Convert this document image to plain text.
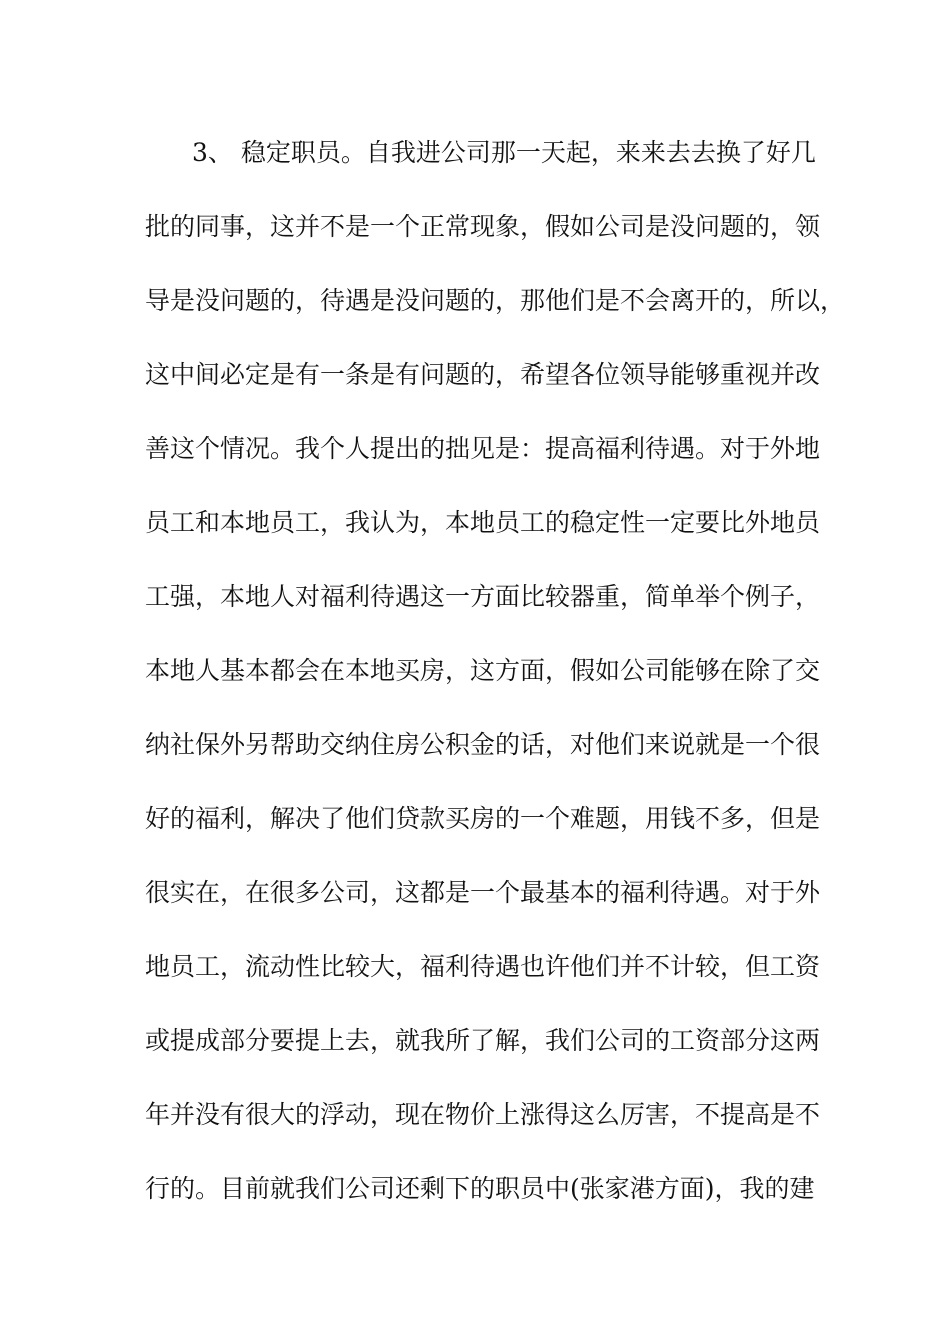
3、 稳定职员。自我进公司那一天起，来来去去换了好几
批的同事，这并不是一个正常现象，假如公司是没问题的，领
导是没问题的，待遇是没问题的，那他们是不会离开的，所以，
这中间必定是有一条是有问题的，希望各位领导能够重视并改
善这个情况。我个人提出的拙见是：提高福利待遇。对于外地
员工和本地员工，我认为，本地员工的稳定性一定要比外地员
工强，本地人对福利待遇这一方面比较器重，简单举个例子，
本地人基本都会在本地买房，这方面，假如公司能够在除了交
纳社保外另帮助交纳住房公积金的话，对他们来说就是一个很
好的福利，解决了他们贷款买房的一个难题，用钱不多，但是
很实在，在很多公司，这都是一个最基本的福利待遇。对于外
地员工，流动性比较大，福利待遇也许他们并不计较，但工资
或提成部分要提上去，就我所了解，我们公司的工资部分这两
年并没有很大的浮动，现在物价上涨得这么厉害，不提高是不
行的。目前就我们公司还剩下的职员中(张家港方面)，我的建
